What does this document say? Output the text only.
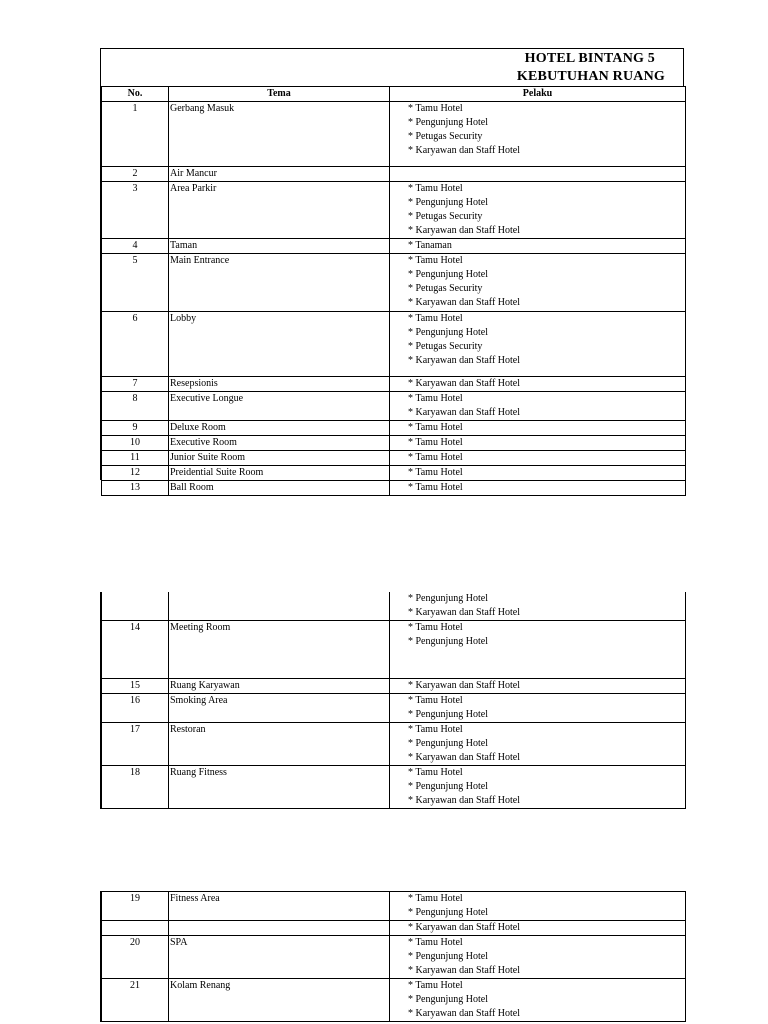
HOTEL BINTANG 5
KEBUTUHAN RUANG
No.	Tema	Pelaku
1	Gerbang Masuk	* Tamu Hotel
* Pengunjung Hotel
* Petugas Security
* Karyawan dan Staff Hotel

2	Air Mancur	

3	Area Parkir	* Tamu Hotel
* Pengunjung Hotel
* Petugas Security
* Karyawan dan Staff Hotel

4	Taman	* Tanaman

5	Main Entrance	* Tamu Hotel
* Pengunjung Hotel
* Petugas Security
* Karyawan dan Staff Hotel

6	Lobby	* Tamu Hotel
* Pengunjung Hotel
* Petugas Security
* Karyawan dan Staff Hotel

7	Resepsionis	* Karyawan dan Staff Hotel

8	Executive Longue	* Tamu Hotel
* Karyawan dan Staff Hotel

9	Deluxe Room	* Tamu Hotel

10	Executive Room	* Tamu Hotel

11	Junior Suite Room	* Tamu Hotel

12	Preidential Suite Room	* Tamu Hotel

13	Ball Room	* Tamu Hotel

		* Pengunjung Hotel
* Karyawan dan Staff Hotel

14	Meeting Room	* Tamu Hotel
* Pengunjung Hotel

15	Ruang Karyawan	* Karyawan dan Staff Hotel

16	Smoking Area	* Tamu Hotel
* Pengunjung Hotel

17	Restoran	* Tamu Hotel
* Pengunjung Hotel
* Karyawan dan Staff Hotel

18	Ruang Fitness	* Tamu Hotel
* Pengunjung Hotel
* Karyawan dan Staff Hotel
19	Fitness Area	* Tamu Hotel
* Pengunjung Hotel

		* Karyawan dan Staff Hotel

20	SPA	* Tamu Hotel
* Pengunjung Hotel
* Karyawan dan Staff Hotel

21	Kolam Renang	* Tamu Hotel
* Pengunjung Hotel
* Karyawan dan Staff Hotel
